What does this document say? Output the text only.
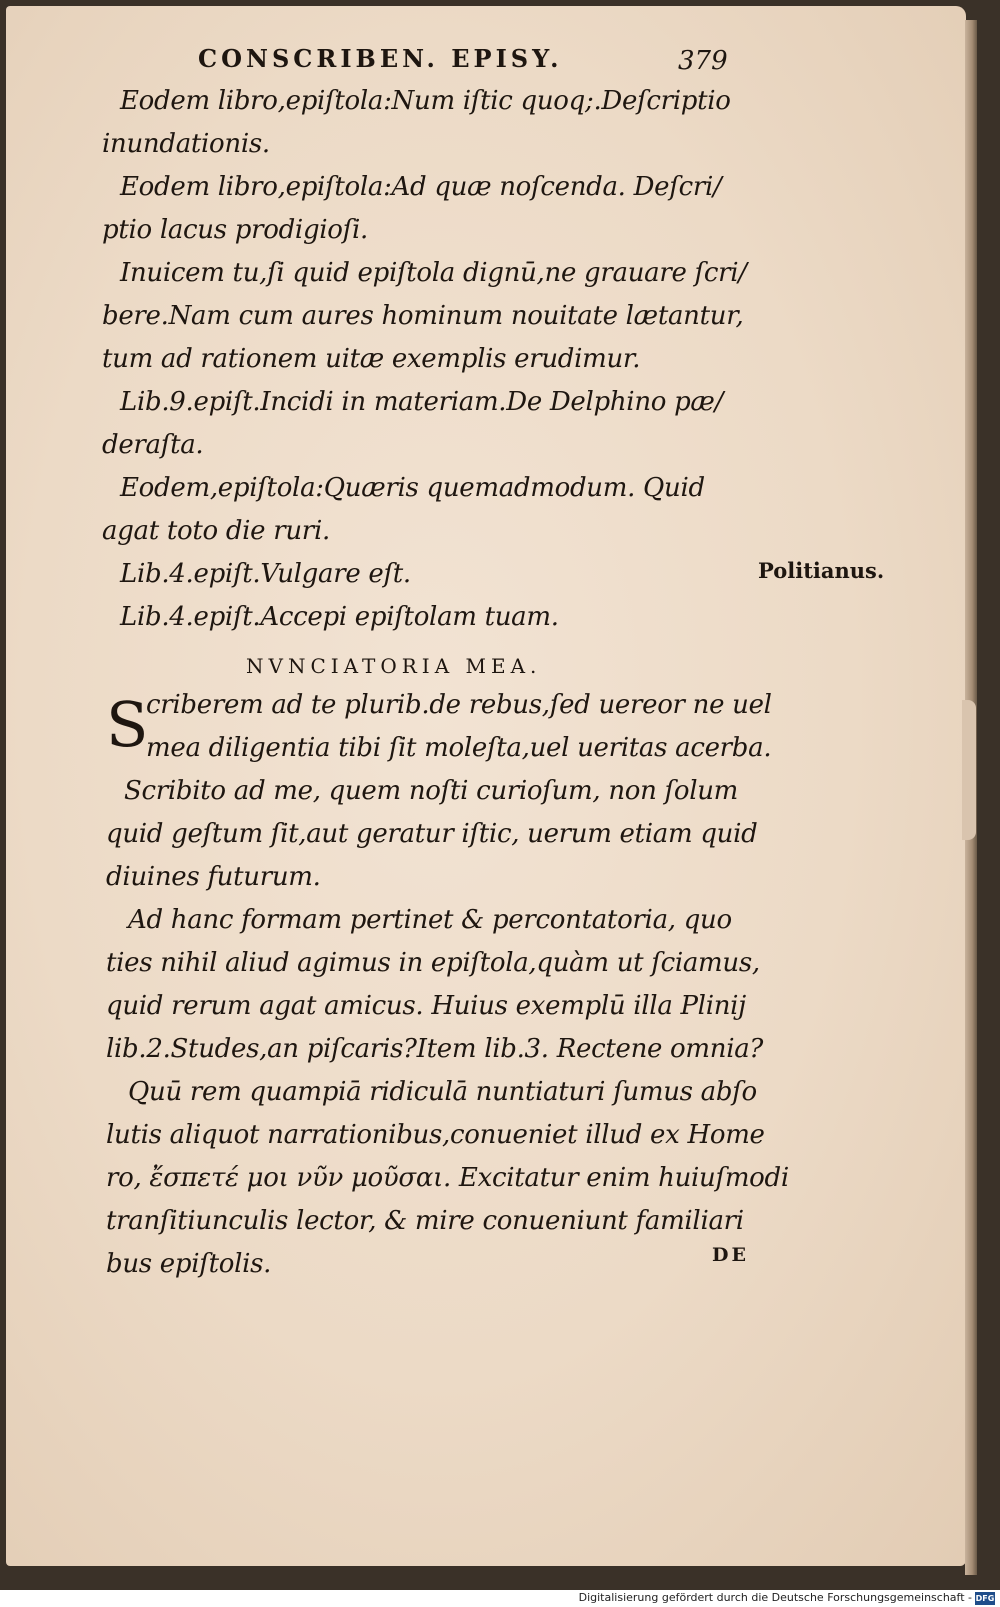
CONSCRIBEN. EPISY.	379

Eodem libro,epiſtola:Num iſtic quoq;.Deſcriptio

inundationis.

Eodem libro,epiſtola:Ad quæ noſcenda. Deſcri/

ptio lacus prodigioſi.

Inuicem tu,ſi quid epiſtola dignū,ne grauare ſcri/

bere.Nam cum aures hominum nouitate lætantur,

tum ad rationem uitæ exemplis erudimur.

Lib.9.epiſt.Incidi in materiam.De Delphino pæ/

deraſta.

Eodem,epiſtola:Quæris quemadmodum. Quid

agat toto die ruri.

Lib.4.epiſt.Vulgare eſt.

Lib.4.epiſt.Accepi epiſtolam tuam.

Politianus.

NVNCIATORIA MEA.

S

criberem ad te plurib.de rebus,ſed uereor ne uel

mea diligentia tibi ſit moleſta,uel ueritas acerba.

Scribito ad me, quem noſti curioſum, non ſolum

quid geſtum ſit,aut geratur iſtic, uerum etiam quid

diuines futurum.

Ad hanc formam pertinet & percontatoria, quo

ties nihil aliud agimus in epiſtola,quàm ut ſciamus,

quid rerum agat amicus. Huius exemplū illa Plinij

lib.2.Studes,an piſcaris?Item lib.3. Rectene omnia?

Quū rem quampiā ridiculā nuntiaturi ſumus abſo

lutis aliquot narrationibus,conueniet illud ex Home

ro, ἔσπετέ μοι νῦν μοῦσαι. Excitatur enim huiuſmodi

tranſitiunculis lector, & mire conueniunt familiari

bus epiſtolis.	DE

Digitalisierung gefördert durch die Deutsche Forschungsgemeinschaft - DFG
